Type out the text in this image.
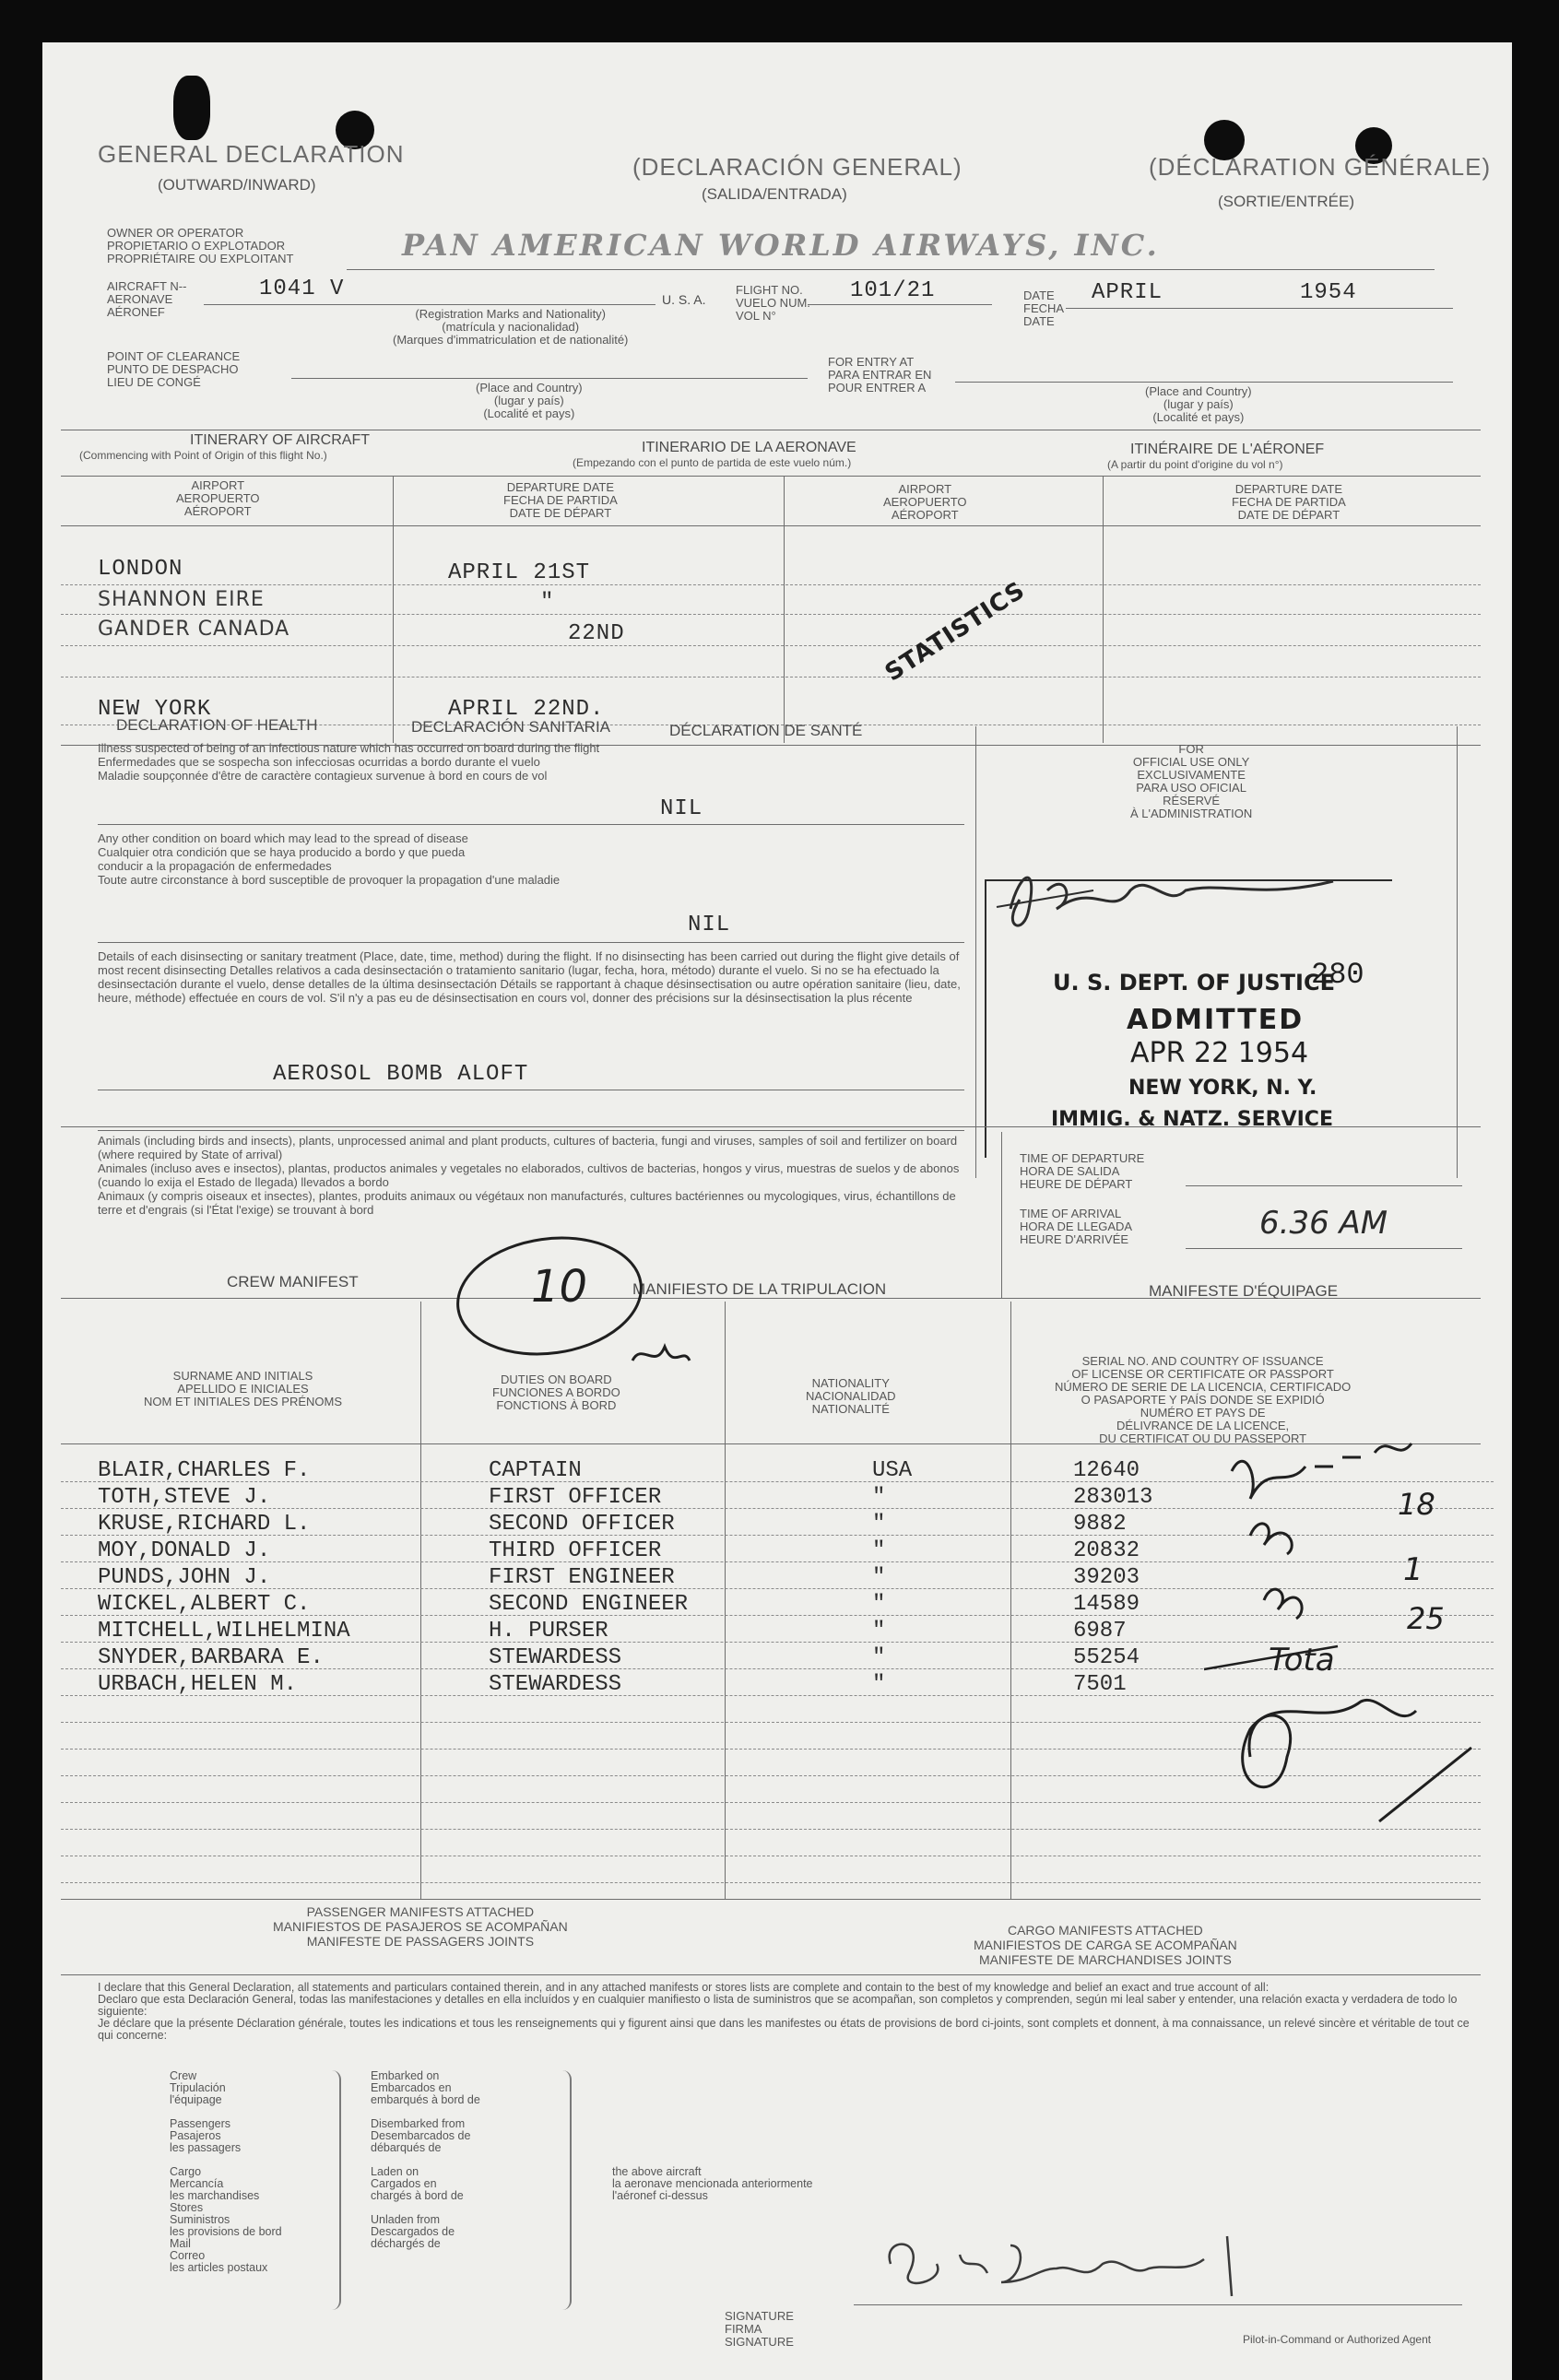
GENERAL DECLARATION
(OUTWARD/INWARD)
(DECLARACIÓN GENERAL)
(SALIDA/ENTRADA)
(DÉCLARATION GÉNÉRALE)
(SORTIE/ENTRÉE)
OWNER OR OPERATOR
PROPIETARIO O EXPLOTADOR
PROPRIÉTAIRE OU EXPLOITANT	PAN AMERICAN WORLD AIRWAYS, INC.
AIRCRAFT N--
AERONAVE
AÉRONEF
1041 V
(Registration Marks and Nationality)
(matrícula y nacionalidad)
(Marques d'immatriculation et de nationalité)
U. S. A.
FLIGHT NO.
VUELO NUM.
VOL N°
101/21	DATE
FECHA
DATE
APRIL	1954
POINT OF CLEARANCE
PUNTO DE DESPACHO
LIEU DE CONGÉ	(Place and Country)
(lugar y país)
(Localité et pays)
FOR ENTRY AT
PARA ENTRAR EN
POUR ENTRER A	(Place and Country)
(lugar y país)
(Localité et pays)
ITINERARY OF AIRCRAFT
(Commencing with Point of Origin of this flight No.)	ITINERARIO DE LA AERONAVE
(Empezando con el punto de partida de este vuelo núm.)
ITINÉRAIRE DE L'AÉRONEF
(A partir du point d'origine du vol n°)
AIRPORT
AEROPUERTO
AÉROPORT
DEPARTURE DATE
FECHA DE PARTIDA
DATE DE DÉPART
AIRPORT
AEROPUERTO
AÉROPORT
DEPARTURE DATE
FECHA DE PARTIDA
DATE DE DÉPART
LONDON	APRIL 21ST
SHANNON EIRE	"
GANDER CANADA	22ND
NEW YORK	APRIL 22ND.
STATISTICS
DECLARATION OF HEALTH	DECLARACIÓN SANITARIA	DÉCLARATION DE SANTÉ
Illness suspected of being of an infectious nature which has occurred on board during the flight
Enfermedades que se sospecha son infecciosas ocurridas a bordo durante el vuelo
Maladie soupçonnée d'être de caractère contagieux survenue à bord en cours de vol
NIL
Any other condition on board which may lead to the spread of disease
Cualquier otra condición que se haya producido a bordo y que pueda
conducir a la propagación de enfermedades
Toute autre circonstance à bord susceptible de provoquer la propagation d'une maladie
NIL
Details of each disinsecting or sanitary treatment (Place, date, time, method) during the flight. If no disinsecting has been carried out during the flight give details of most recent disinsecting Detalles relativos a cada desinsectación o tratamiento sanitario (lugar, fecha, hora, método) durante el vuelo. Si no se ha efectuado la desinsectación durante el vuelo, dense detalles de la última desinsectación Détails se rapportant à chaque désinsectisation ou autre opération sanitaire (lieu, date, heure, méthode) effectuée en cours de vol. S'il n'y a pas eu de désinsectisation en cours vol, donner des précisions sur la désinsectisation la plus récente
AEROSOL BOMB ALOFT
FOR
OFFICIAL USE ONLY
EXCLUSIVAMENTE
PARA USO OFICIAL
RÉSERVÉ
À L'ADMINISTRATION
U. S. DEPT. OF JUSTICE
280
ADMITTED
APR 22 1954
NEW YORK, N. Y.
IMMIG. & NATZ. SERVICE
Animals (including birds and insects), plants, unprocessed animal and plant products, cultures of bacteria, fungi and viruses, samples of soil and fertilizer on board (where required by State of arrival)
Animales (incluso aves e insectos), plantas, productos animales y vegetales no elaborados, cultivos de bacterias, hongos y virus, muestras de suelos y de abonos (cuando lo exija el Estado de llegada) llevados a bordo
Animaux (y compris oiseaux et insectes), plantes, produits animaux ou végétaux non manufacturés, cultures bactériennes ou mycologiques, virus, échantillons de terre et d'engrais (si l'État l'exige) se trouvant à bord
TIME OF DEPARTURE
HORA DE SALIDA
HEURE DE DÉPART
TIME OF ARRIVAL
HORA DE LLEGADA
HEURE D'ARRIVÉE	6.36 AM
CREW MANIFEST	MANIFIESTO DE LA TRIPULACION	MANIFESTE D'ÉQUIPAGE
10
SURNAME AND INITIALS
APELLIDO E INICIALES
NOM ET INITIALES DES PRÉNOMS
DUTIES ON BOARD
FUNCIONES A BORDO
FONCTIONS À BORD
NATIONALITY
NACIONALIDAD
NATIONALITÉ
SERIAL NO. AND COUNTRY OF ISSUANCE
OF LICENSE OR CERTIFICATE OR PASSPORT
NÚMERO DE SERIE DE LA LICENCIA, CERTIFICADO
O PASAPORTE Y PAÍS DONDE SE EXPIDIÓ
NUMÉRO ET PAYS DE
DÉLIVRANCE DE LA LICENCE,
DU CERTIFICAT OU DU PASSEPORT
BLAIR,CHARLES F.	CAPTAIN	USA	12640
TOTH,STEVE J.	FIRST OFFICER	"	283013
KRUSE,RICHARD L.	SECOND OFFICER	"	9882
MOY,DONALD J.	THIRD OFFICER	"	20832
PUNDS,JOHN J.	FIRST ENGINEER	"	39203
WICKEL,ALBERT C.	SECOND ENGINEER	"	14589
MITCHELL,WILHELMINA	H. PURSER	"	6987
SNYDER,BARBARA E.	STEWARDESS	"	55254
URBACH,HELEN M.	STEWARDESS	"	7501
18
1
25
Tota
PASSENGER MANIFESTS ATTACHED
MANIFIESTOS DE PASAJEROS SE ACOMPAÑAN
MANIFESTE DE PASSAGERS JOINTS
CARGO MANIFESTS ATTACHED
MANIFIESTOS DE CARGA SE ACOMPAÑAN
MANIFESTE DE MARCHANDISES JOINTS
I declare that this General Declaration, all statements and particulars contained therein, and in any attached manifests or stores lists are complete and contain to the best of my knowledge and belief an exact and true account of all:
Declaro que esta Declaración General, todas las manifestaciones y detalles en ella incluídos y en cualquier manifiesto o lista de suministros que se acompañan, son completos y comprenden, según mi leal saber y entender, una relación exacta y verdadera de todo lo siguiente:
Je déclare que la présente Déclaration générale, toutes les indications et tous les renseignements qui y figurent ainsi que dans les manifestes ou états de provisions de bord ci-joints, sont complets et donnent, à ma connaissance, un relevé sincère et véritable de tout ce qui concerne:
Crew
Tripulación
l'équipage

Passengers
Pasajeros
les passagers

Cargo
Mercancía
les marchandises
Stores
Suministros
les provisions de bord
Mail
Correo
les articles postaux
Embarked on
Embarcados en
embarqués à bord de

Disembarked from
Desembarcados de
débarqués de

Laden on
Cargados en
chargés à bord de

Unladen from
Descargados de
déchargés de
the above aircraft
la aeronave mencionada anteriormente
l'aéronef ci-dessus
SIGNATURE
FIRMA
SIGNATURE	Pilot-in-Command or Authorized Agent
